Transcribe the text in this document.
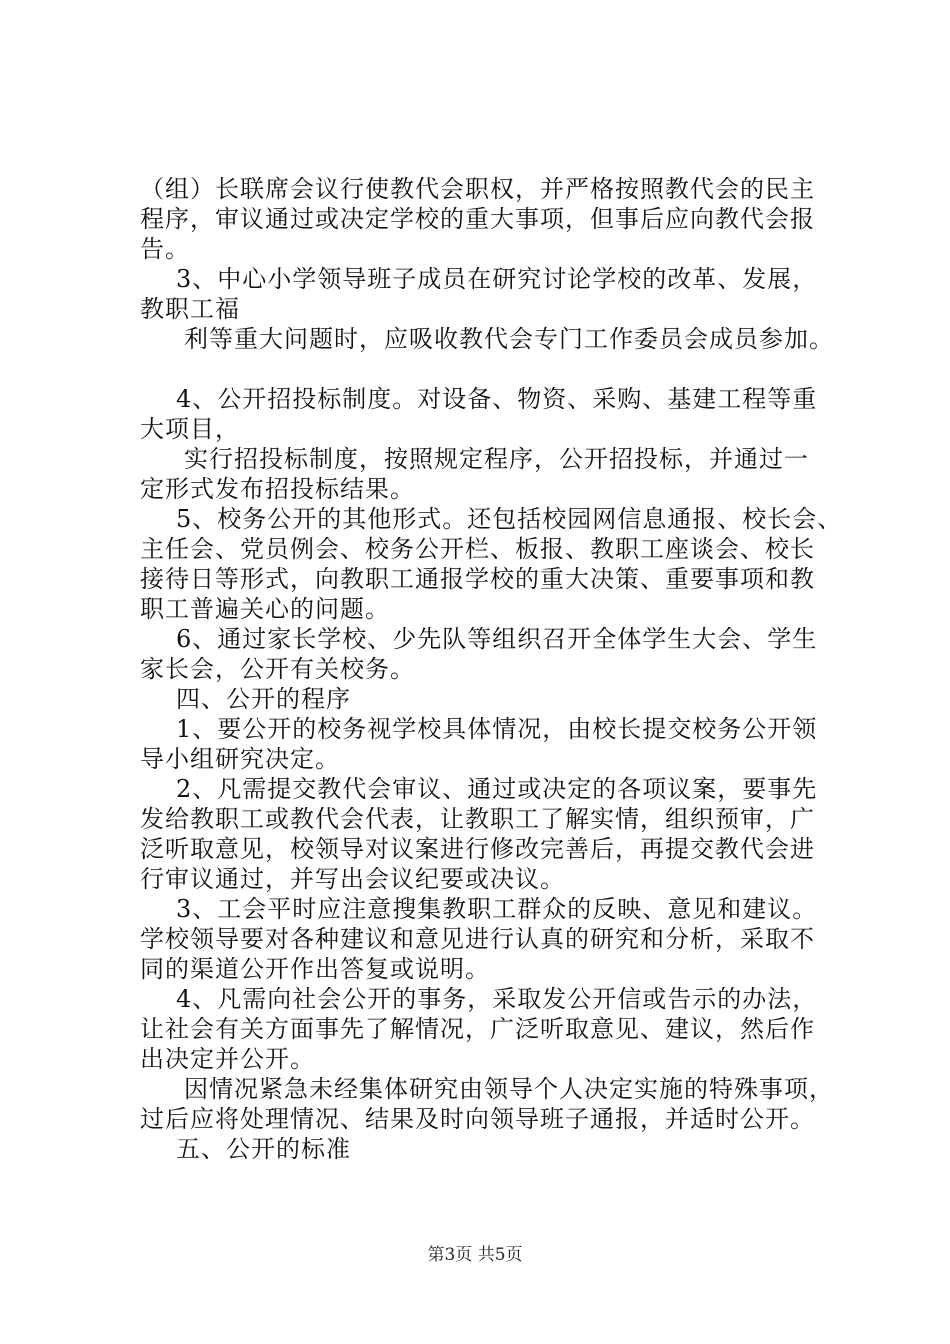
（组）长联席会议行使教代会职权，并严格按照教代会的民主
程序，审议通过或决定学校的重大事项，但事后应向教代会报
告。
3、中心小学领导班子成员在研究讨论学校的改革、发展，
教职工福
利等重大问题时，应吸收教代会专门工作委员会成员参加。
4、公开招投标制度。对设备、物资、采购、基建工程等重
大项目，
实行招投标制度，按照规定程序，公开招投标，并通过一
定形式发布招投标结果。
5、校务公开的其他形式。还包括校园网信息通报、校长会、
主任会、党员例会、校务公开栏、板报、教职工座谈会、校长
接待日等形式，向教职工通报学校的重大决策、重要事项和教
职工普遍关心的问题。
6、通过家长学校、少先队等组织召开全体学生大会、学生
家长会，公开有关校务。
四、公开的程序
1、要公开的校务视学校具体情况，由校长提交校务公开领
导小组研究决定。
2、凡需提交教代会审议、通过或决定的各项议案，要事先
发给教职工或教代会代表，让教职工了解实情，组织预审，广
泛听取意见，校领导对议案进行修改完善后，再提交教代会进
行审议通过，并写出会议纪要或决议。
3、工会平时应注意搜集教职工群众的反映、意见和建议。
学校领导要对各种建议和意见进行认真的研究和分析，采取不
同的渠道公开作出答复或说明。
4、凡需向社会公开的事务，采取发公开信或告示的办法，
让社会有关方面事先了解情况，广泛听取意见、建议，然后作
出决定并公开。
因情况紧急未经集体研究由领导个人决定实施的特殊事项，
过后应将处理情况、结果及时向领导班子通报，并适时公开。
五、公开的标准
第3页 共5页
